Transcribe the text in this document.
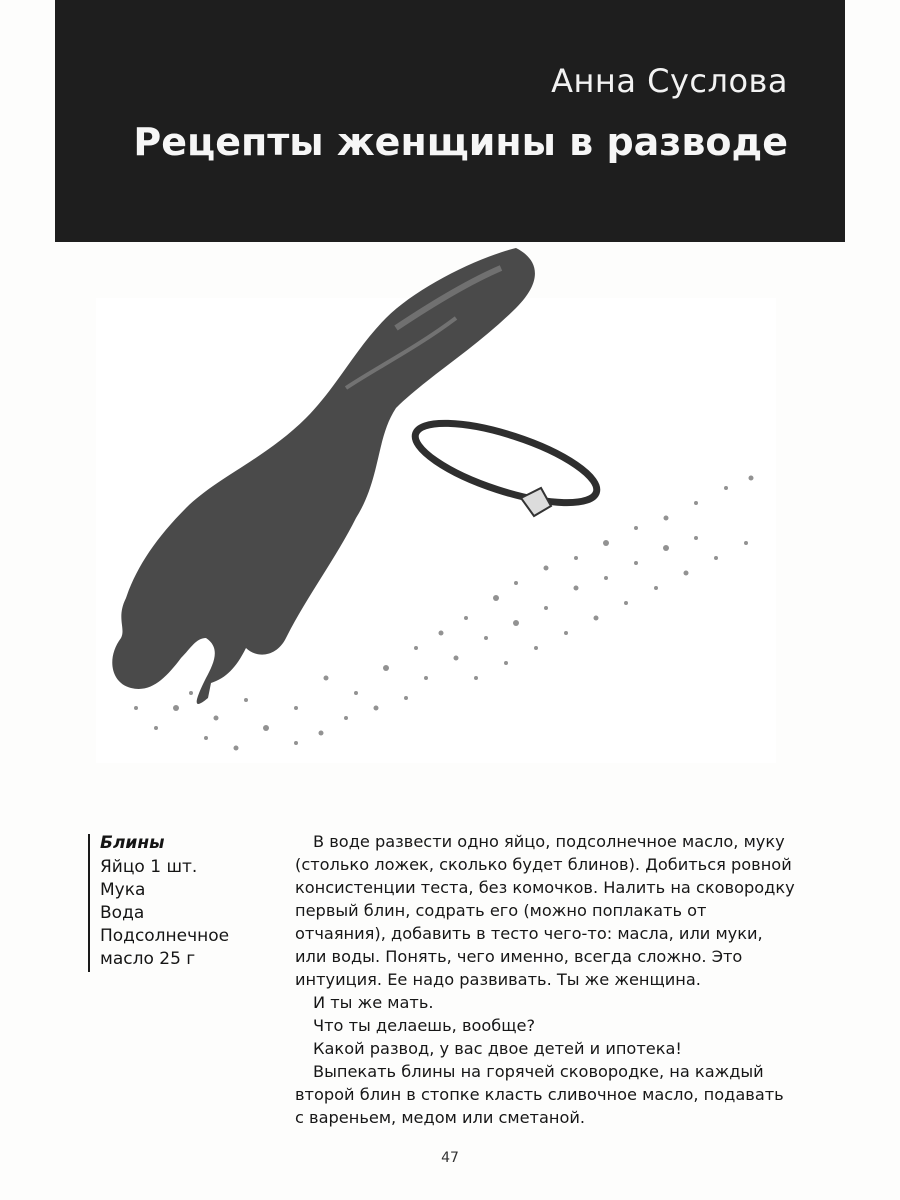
Анна Суслова
Рецепты женщины в разводе
Блины
Яйцо 1 шт.
Мука
Вода
Подсолнечное
масло 25 г

В воде развести одно яйцо, подсолнечное масло, муку (столько ложек, сколько будет блинов). Добиться ровной консистенции теста, без комочков. Налить на сковородку первый блин, содрать его (можно поплакать от отчаяния), добавить в тесто чего-то: масла, или муки, или воды. Понять, чего именно, всегда сложно. Это интуиция. Ее надо развивать. Ты же женщина.

И ты же мать.

Что ты делаешь, вообще?

Какой развод, у вас двое детей и ипотека!

Выпекать блины на горячей сковородке, на каждый второй блин в стопке класть сливочное масло, подавать с вареньем, медом или сметаной.

47
